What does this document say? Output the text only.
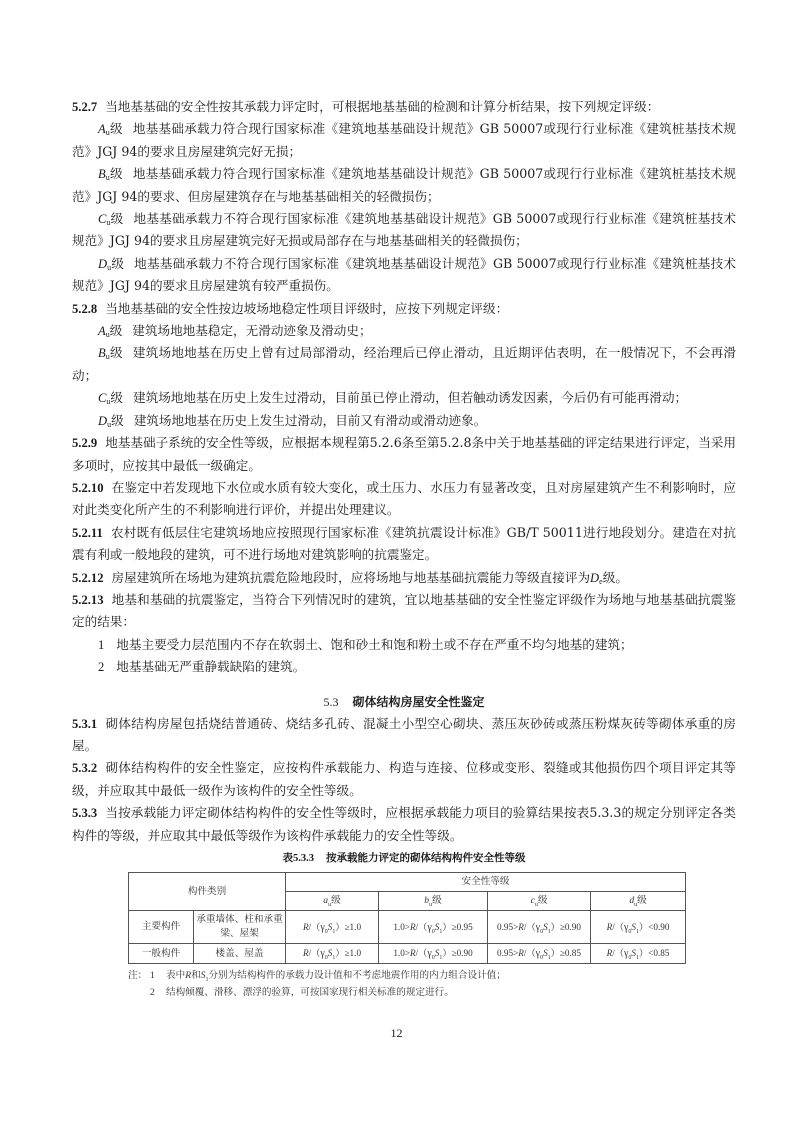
5.2.7 当地基基础的安全性按其承载力评定时，可根据地基基础的检测和计算分析结果，按下列规定评级：

$A_u$级 地基基础承载力符合现行国家标准《建筑地基基础设计规范》GB 50007或现行行业标准《建筑桩基技术规范》JGJ 94的要求且房屋建筑完好无损；

$B_u$级 地基基础承载力符合现行国家标准《建筑地基基础设计规范》GB 50007或现行行业标准《建筑桩基技术规范》JGJ 94的要求、但房屋建筑存在与地基基础相关的轻微损伤；

$C_u$级 地基基础承载力不符合现行国家标准《建筑地基基础设计规范》GB 50007或现行行业标准《建筑桩基技术规范》JGJ 94的要求且房屋建筑完好无损或局部存在与地基基础相关的轻微损伤；

$D_u$级 地基基础承载力不符合现行国家标准《建筑地基基础设计规范》GB 50007或现行行业标准《建筑桩基技术规范》JGJ 94的要求且房屋建筑有较严重损伤。

5.2.8 当地基基础的安全性按边坡场地稳定性项目评级时，应按下列规定评级：

$A_u$级 建筑场地地基稳定，无滑动迹象及滑动史；

$B_u$级 建筑场地地基在历史上曾有过局部滑动，经治理后已停止滑动，且近期评估表明，在一般情况下，不会再滑动；

$C_u$级 建筑场地地基在历史上发生过滑动，目前虽已停止滑动，但若触动诱发因素，今后仍有可能再滑动；

$D_u$级 建筑场地地基在历史上发生过滑动，目前又有滑动或滑动迹象。

5.2.9 地基基础子系统的安全性等级，应根据本规程第5.2.6条至第5.2.8条中关于地基基础的评定结果进行评定，当采用多项时，应按其中最低一级确定。

5.2.10 在鉴定中若发现地下水位或水质有较大变化，或土压力、水压力有显著改变，且对房屋建筑产生不利影响时，应对此类变化所产生的不利影响进行评价，并提出处理建议。

5.2.11 农村既有低层住宅建筑场地应按照现行国家标准《建筑抗震设计标准》GB/T 50011进行地段划分。建造在对抗震有利或一般地段的建筑，可不进行场地对建筑影响的抗震鉴定。

5.2.12 房屋建筑所在场地为建筑抗震危险地段时，应将场地与地基基础抗震能力等级直接评为$D_e$级。

5.2.13 地基和基础的抗震鉴定，当符合下列情况时的建筑，宜以地基基础的安全性鉴定评级作为场地与地基基础抗震鉴定的结果：

1 地基主要受力层范围内不存在软弱土、饱和砂土和饱和粉土或不存在严重不均匀地基的建筑；

2 地基基础无严重静载缺陷的建筑。

5.3 砌体结构房屋安全性鉴定

5.3.1 砌体结构房屋包括烧结普通砖、烧结多孔砖、混凝土小型空心砌块、蒸压灰砂砖或蒸压粉煤灰砖等砌体承重的房屋。

5.3.2 砌体结构构件的安全性鉴定，应按构件承载能力、构造与连接、位移或变形、裂缝或其他损伤四个项目评定其等级，并应取其中最低一级作为该构件的安全性等级。

5.3.3 当按承载能力评定砌体结构构件的安全性等级时，应根据承载能力项目的验算结果按表5.3.3的规定分别评定各类构件的等级，并应取其中最低等级作为该构件承载能力的安全性等级。

表5.3.3 按承载能力评定的砌体结构构件安全性等级
构件类别		安全性等级			
		$a_u$级	$b_u$级	$c_u$级	$d_u$级
主要构件	承重墙体、柱和承重梁、屋架	$R/(\gamma_0S_1)\ge 1.0$	$1.0>R/(\gamma_0S_1)\ge 0.95$	$0.95>R/(\gamma_0S_1)\ge 0.90$	$R/(\gamma_0S_1)<0.90$
一般构件	楼盖、屋盖	$R/(\gamma_0S_1)\ge 1.0$	$1.0>R/(\gamma_0S_1)\ge 0.90$	$0.95>R/(\gamma_0S_1)\ge 0.85$	$R/(\gamma_0S_1)<0.85$
注： 1 表中R和$S_1$分别为结构构件的承载力设计值和不考虑地震作用的内力组合设计值；
2 结构倾覆、滑移、漂浮的验算，可按国家现行相关标准的规定进行。
12
